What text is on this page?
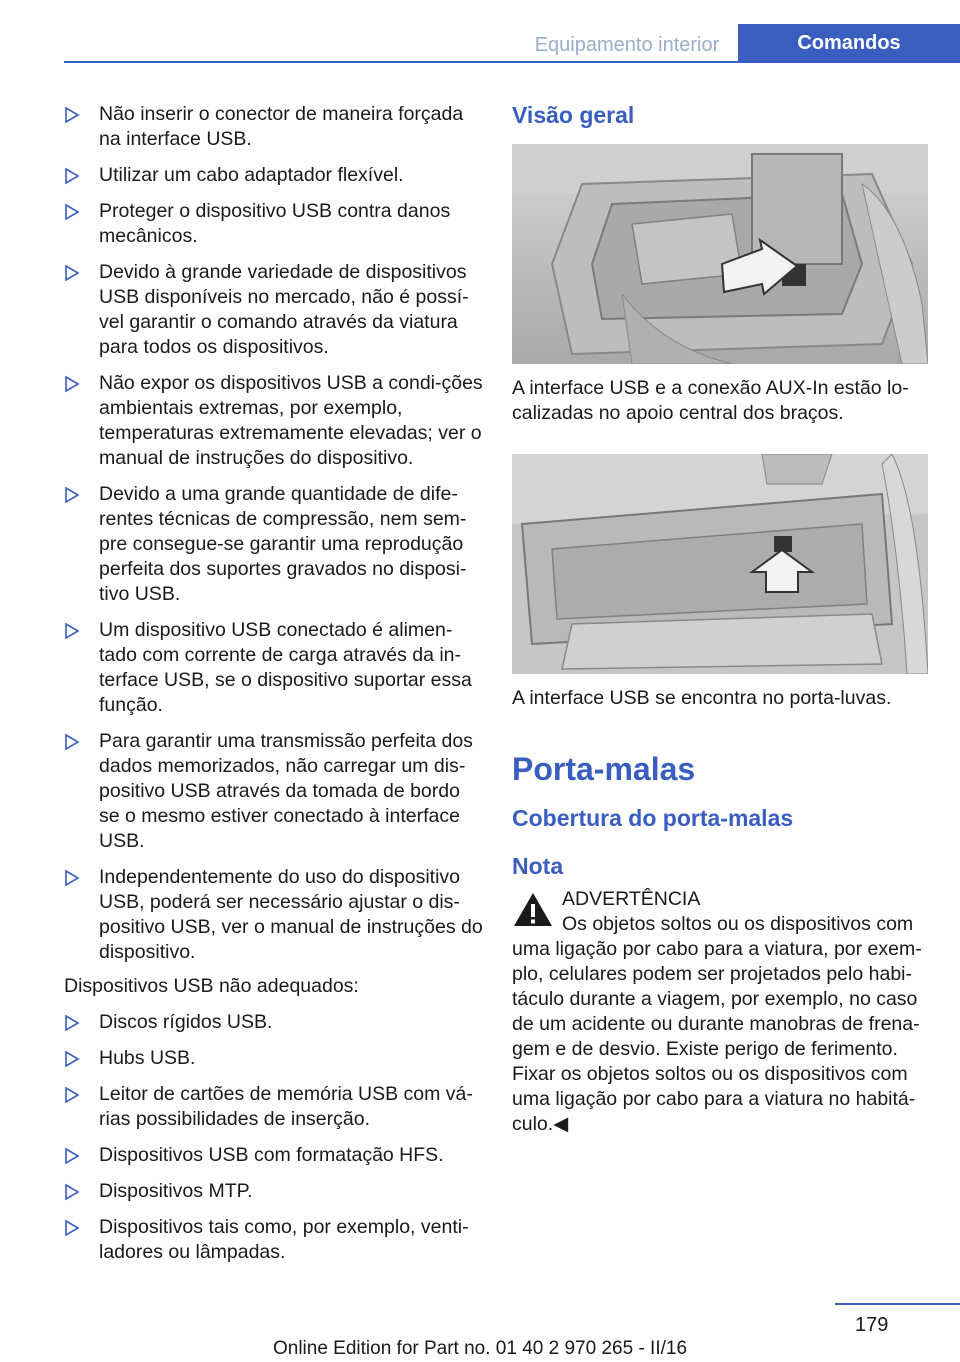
Equipamento interior	Comandos
Não inserir o conector de maneira forçada na interface USB.
Utilizar um cabo adaptador flexível.
Proteger o dispositivo USB contra danos mecânicos.
Devido à grande variedade de dispositivos USB disponíveis no mercado, não é possí-vel garantir o comando através da viatura para todos os dispositivos.
Não expor os dispositivos USB a condi-ções ambientais extremas, por exemplo, temperaturas extremamente elevadas; ver o manual de instruções do dispositivo.
Devido a uma grande quantidade de dife-rentes técnicas de compressão, nem sem-pre consegue-se garantir uma reprodução perfeita dos suportes gravados no disposi-tivo USB.
Um dispositivo USB conectado é alimen-tado com corrente de carga através da in-terface USB, se o dispositivo suportar essa função.
Para garantir uma transmissão perfeita dos dados memorizados, não carregar um dis-positivo USB através da tomada de bordo se o mesmo estiver conectado à interface USB.
Independentemente do uso do dispositivo USB, poderá ser necessário ajustar o dis-positivo USB, ver o manual de instruções do dispositivo.
Dispositivos USB não adequados:
Discos rígidos USB.
Hubs USB.
Leitor de cartões de memória USB com vá-rias possibilidades de inserção.
Dispositivos USB com formatação HFS.
Dispositivos MTP.
Dispositivos tais como, por exemplo, venti-ladores ou lâmpadas.
Visão geral
A interface USB e a conexão AUX-In estão lo‐calizadas no apoio central dos braços.
A interface USB se encontra no porta-luvas.
Porta-malas
Cobertura do porta-malas
Nota
ADVERTÊNCIA
Os objetos soltos ou os dispositivos com uma ligação por cabo para a viatura, por exem‐plo, celulares podem ser projetados pelo habi‐táculo durante a viagem, por exemplo, no caso de um acidente ou durante manobras de frena‐gem e de desvio. Existe perigo de ferimento. Fixar os objetos soltos ou os dispositivos com uma ligação por cabo para a viatura no habitá‐culo.◀
179
Online Edition for Part no. 01 40 2 970 265 - II/16
